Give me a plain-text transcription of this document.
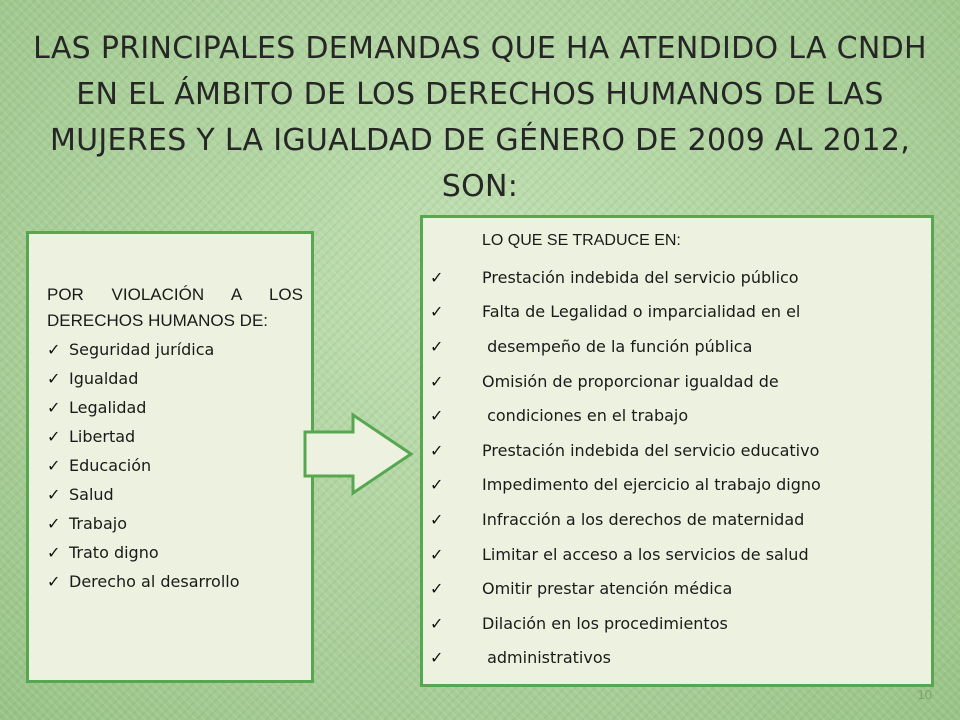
LAS PRINCIPALES DEMANDAS QUE HA ATENDIDO LA CNDH EN EL ÁMBITO DE LOS DERECHOS HUMANOS DE LAS MUJERES Y LA IGUALDAD DE GÉNERO DE 2009 AL 2012, SON:

POR VIOLACIÓN A LOS DERECHOS HUMANOS DE:

✓ Seguridad jurídica
✓ Igualdad
✓ Legalidad
✓ Libertad
✓ Educación
✓ Salud
✓ Trabajo
✓ Trato digno
✓ Derecho al desarrollo
LO QUE SE TRADUCE EN:
✓	Prestación indebida del servicio público
✓	Falta de Legalidad o imparcialidad en el
✓	desempeño de la función pública
✓	Omisión de proporcionar igualdad de
✓	condiciones en el trabajo
✓	Prestación indebida del servicio educativo
✓	Impedimento del ejercicio al trabajo digno
✓	Infracción a los derechos de maternidad
✓	Limitar el acceso a los servicios de salud
✓	Omitir prestar atención médica
✓	Dilación en los procedimientos
✓	administrativos
10
